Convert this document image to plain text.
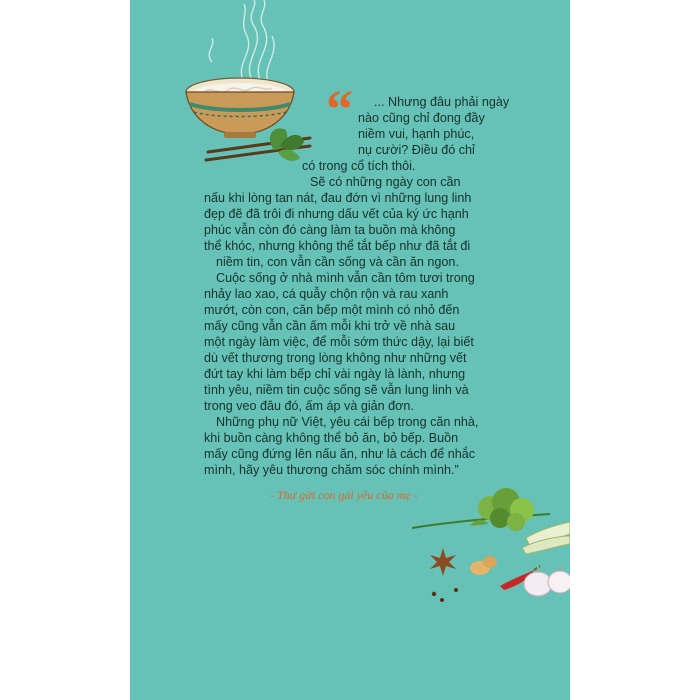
“ ... Nhưng đâu phải ngày
nào cũng chỉ đong đầy
niềm vui, hạnh phúc,
nụ cười? Điều đó chỉ
có trong cổ tích thôi.
Sẽ có những ngày con cần
nấu khi lòng tan nát, đau đớn vì những lung linh
đẹp đẽ đã trôi đi nhưng dấu vết của ký ức hạnh
phúc vẫn còn đó càng làm ta buồn mà không
thể khóc, nhưng không thể tắt bếp như đã tắt đi
niềm tin, con vẫn cần sống và cần ăn ngon.
Cuộc sống ở nhà mình vẫn cần tôm tươi trong
nhảy lao xao, cá quẫy chộn rộn và rau xanh
mướt, còn con, căn bếp một mình có nhỏ đến
mấy cũng vẫn cần ấm mỗi khi trở về nhà sau
một ngày làm việc, để mỗi sớm thức dậy, lại biết
dù vết thương trong lòng không như những vết
đứt tay khi làm bếp chỉ vài ngày là lành, nhưng
tình yêu, niềm tin cuộc sống sẽ vẫn lung linh và
trong veo đâu đó, ấm áp và giản đơn.
Những phụ nữ Việt, yêu cái bếp trong căn nhà,
khi buồn càng không thể bỏ ăn, bỏ bếp. Buồn
mấy cũng đứng lên nấu ăn, như là cách để nhắc
mình, hãy yêu thương chăm sóc chính mình.”
- Thư gửi con gái yêu của mẹ -
